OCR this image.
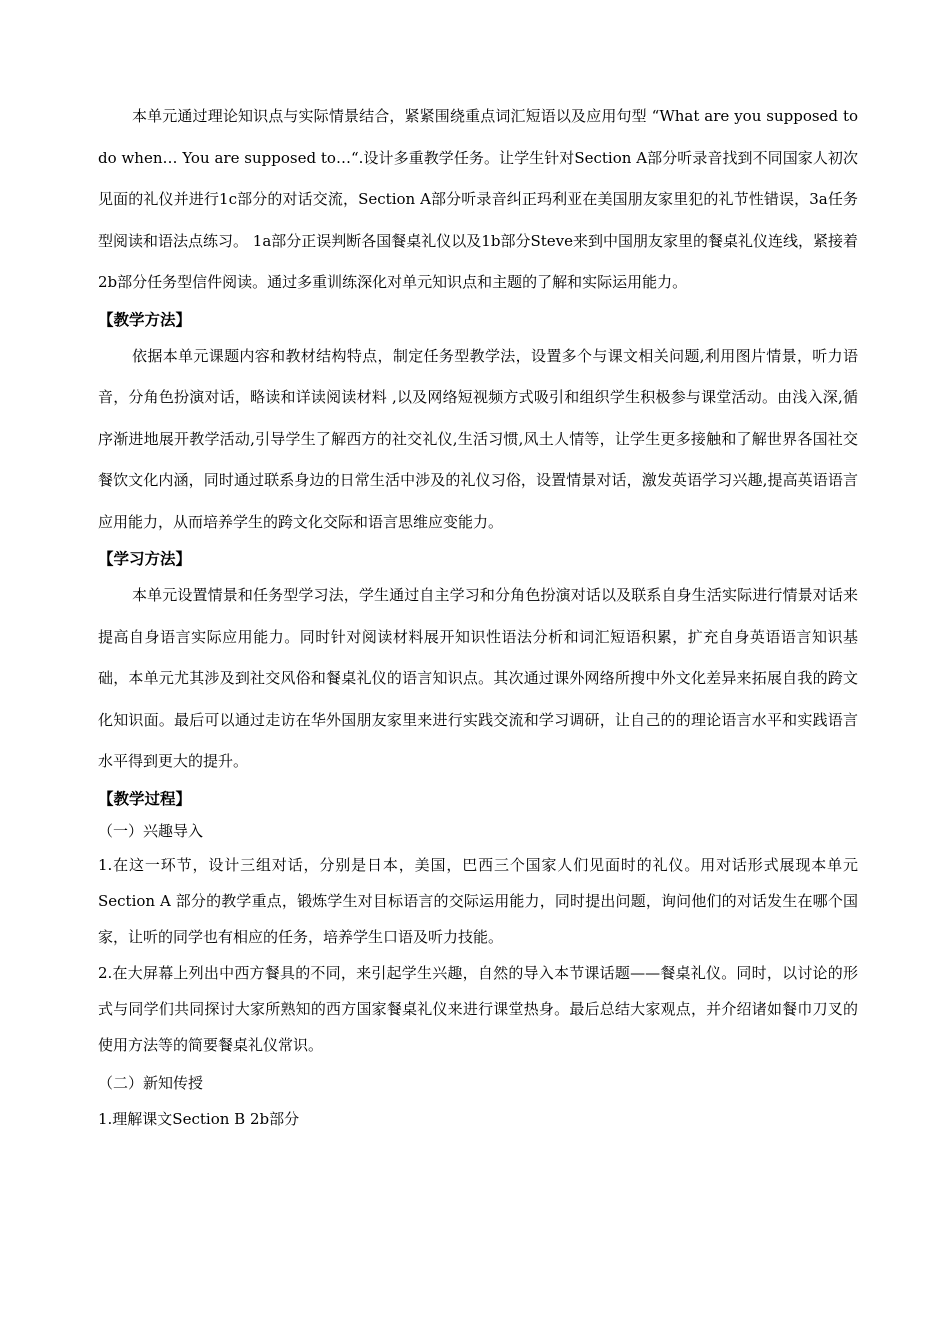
本单元通过理论知识点与实际情景结合，紧紧围绕重点词汇短语以及应用句型 “What are you supposed to do when… You are supposed to…“.设计多重教学任务。让学生针对Section A部分听录音找到不同国家人初次见面的礼仪并进行1c部分的对话交流，Section A部分听录音纠正玛利亚在美国朋友家里犯的礼节性错误，3a任务型阅读和语法点练习。 1a部分正误判断各国餐桌礼仪以及1b部分Steve来到中国朋友家里的餐桌礼仪连线，紧接着2b部分任务型信件阅读。通过多重训练深化对单元知识点和主题的了解和实际运用能力。

【教学方法】

依据本单元课题内容和教材结构特点，制定任务型教学法，设置多个与课文相关问题,利用图片情景，听力语音，分角色扮演对话，略读和详读阅读材料 ,以及网络短视频方式吸引和组织学生积极参与课堂活动。由浅入深,循序渐进地展开教学活动,引导学生了解西方的社交礼仪,生活习惯,风土人情等，让学生更多接触和了解世界各国社交餐饮文化内涵，同时通过联系身边的日常生活中涉及的礼仪习俗，设置情景对话，激发英语学习兴趣,提高英语语言应用能力，从而培养学生的跨文化交际和语言思维应变能力。

【学习方法】

本单元设置情景和任务型学习法，学生通过自主学习和分角色扮演对话以及联系自身生活实际进行情景对话来提高自身语言实际应用能力。同时针对阅读材料展开知识性语法分析和词汇短语积累，扩充自身英语语言知识基础，本单元尤其涉及到社交风俗和餐桌礼仪的语言知识点。其次通过课外网络所搜中外文化差异来拓展自我的跨文化知识面。最后可以通过走访在华外国朋友家里来进行实践交流和学习调研，让自己的的理论语言水平和实践语言水平得到更大的提升。

【教学过程】

（一）兴趣导入

1.在这一环节，设计三组对话，分别是日本，美国，巴西三个国家人们见面时的礼仪。用对话形式展现本单元Section A 部分的教学重点，锻炼学生对目标语言的交际运用能力，同时提出问题，询问他们的对话发生在哪个国家，让听的同学也有相应的任务，培养学生口语及听力技能。

2.在大屏幕上列出中西方餐具的不同，来引起学生兴趣，自然的导入本节课话题——餐桌礼仪。同时，以讨论的形式与同学们共同探讨大家所熟知的西方国家餐桌礼仪来进行课堂热身。最后总结大家观点，并介绍诸如餐巾刀叉的使用方法等的简要餐桌礼仪常识。

（二）新知传授

1.理解课文Section B 2b部分
